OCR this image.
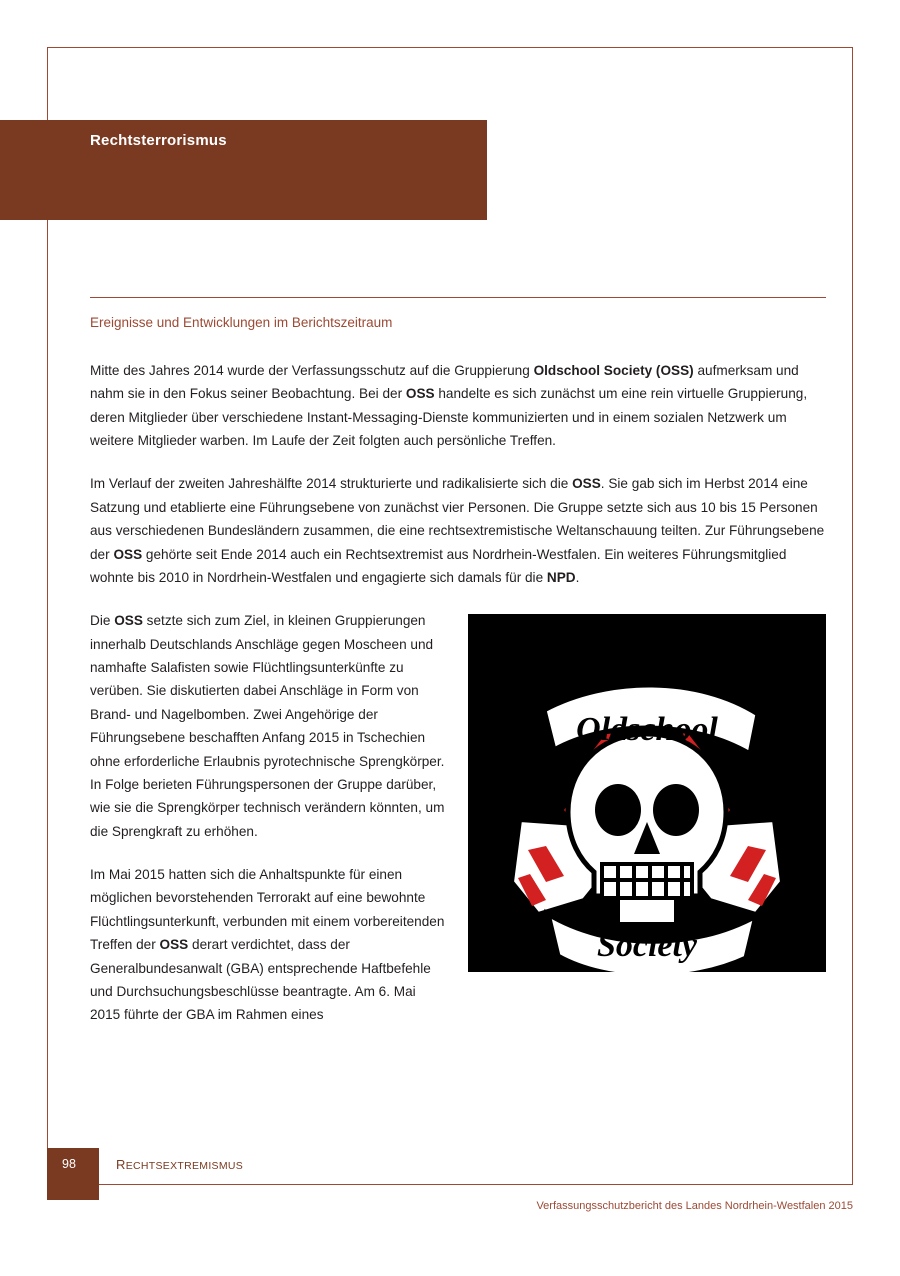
Rechtsterrorismus
Ereignisse und Entwicklungen im Berichtszeitraum

Mitte des Jahres 2014 wurde der Verfassungsschutz auf die Gruppierung Oldschool Society (OSS) aufmerksam und nahm sie in den Fokus seiner Beobachtung. Bei der OSS handelte es sich zunächst um eine rein virtuelle Gruppierung, deren Mitglieder über verschiedene Instant-Messaging-Dienste kommunizierten und in einem sozialen Netzwerk um weitere Mitglieder warben. Im Laufe der Zeit folgten auch persönliche Treffen.

Im Verlauf der zweiten Jahreshälfte 2014 strukturierte und radikalisierte sich die OSS. Sie gab sich im Herbst 2014 eine Satzung und etablierte eine Führungsebene von zunächst vier Personen. Die Gruppe setzte sich aus 10 bis 15 Personen aus verschiedenen Bundesländern zusammen, die eine rechtsextremistische Weltanschauung teilten. Zur Führungsebene der OSS gehörte seit Ende 2014 auch ein Rechtsextremist aus Nordrhein-Westfalen. Ein weiteres Führungsmitglied wohnte bis 2010 in Nordrhein-Westfalen und engagierte sich damals für die NPD.

Oldschool
Society

Die OSS setzte sich zum Ziel, in kleinen Gruppierungen innerhalb Deutschlands Anschläge gegen Moscheen und namhafte Salafisten sowie Flüchtlingsunterkünfte zu verüben. Sie diskutierten dabei Anschläge in Form von Brand- und Nagelbomben. Zwei Angehörige der Führungsebene beschafften Anfang 2015 in Tschechien ohne erforderliche Erlaubnis pyrotechnische Sprengkörper. In Folge berieten Führungspersonen der Gruppe darüber, wie sie die Sprengkörper technisch verändern könnten, um die Sprengkraft zu erhöhen.

Im Mai 2015 hatten sich die Anhaltspunkte für einen möglichen bevorstehenden Terrorakt auf eine bewohnte Flüchtlingsunterkunft, verbunden mit einem vorbereitenden Treffen der OSS derart verdichtet, dass der Generalbundesanwalt (GBA) entsprechende Haftbefehle und Durchsuchungsbeschlüsse beantragte. Am 6. Mai 2015 führte der GBA im Rahmen eines

98	RECHTSEXTREMISMUS
Verfassungsschutzbericht des Landes Nordrhein-Westfalen 2015
